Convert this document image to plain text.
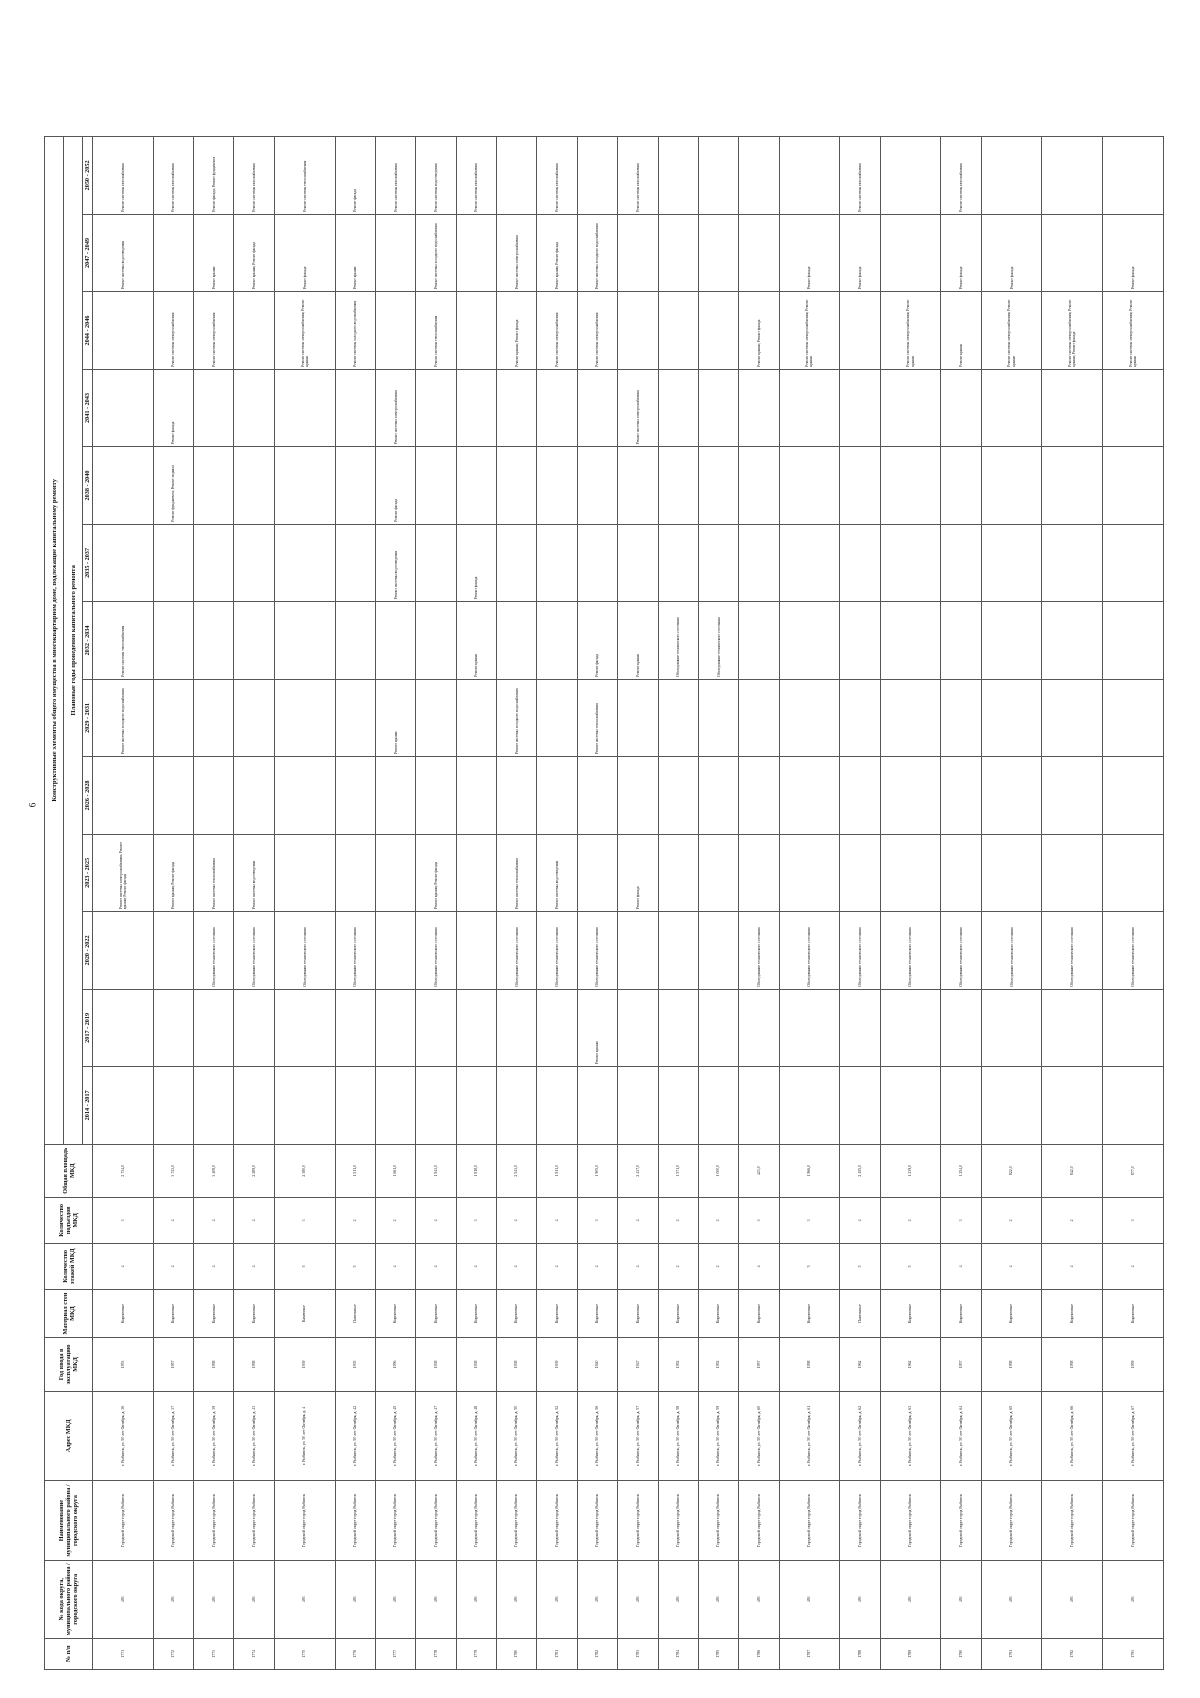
6
№ п/п	№ кода округа, муниципального района / городского округа	Наименование муниципального района / городского округа	Адрес МКД	Год ввода в эксплуатацию МКД	Материал стен МКД	Количество этажей МКД	Количество подъездов МКД	Общая площадь МКД	Конструктивные элементы общего имущества в многоквартирном доме, подлежащие капитальному ремонту												
									Плановые годы проведения капитального ремонта												
									2014 - 2017	2017 - 2019	2020 - 2022	2023 - 2025	2026 - 2028	2029 - 2031	2032 - 2034	2035 - 2037	2038 - 2040	2041 - 2043	2044 - 2046	2047 - 2049	2050 - 2052
1771	493	Городской округ город Рыбинск	г. Рыбинск, ул. 50 лет Октября, д. 36	1953	Кирпичные	4	3	2 734,0				Ремонт системы электроснабжения; Ремонт крыши; Ремонт фасада		Ремонт системы холодного водоснабжения	Ремонт системы теплоснабжения					Ремонт системы водоотведения	Ремонт системы газоснабжения
1772	493	Городской округ город Рыбинск	г. Рыбинск, ул. 50 лет Октября, д. 37	1957	Кирпичные	4	4	3 743,0				Ремонт крыши; Ремонт фасада					Ремонт фундамента; Ремонт подвала	Ремонт фасада	Ремонт системы электроснабжения		Ремонт системы газоснабжения
1773	493	Городской округ город Рыбинск	г. Рыбинск, ул. 50 лет Октября, д. 39	1958	Кирпичные	4	4	3 408,0			Обследование технического состояния	Ремонт системы теплоснабжения							Ремонт системы электроснабжения	Ремонт крыши	Ремонт фасада; Ремонт фундамента
1774	493	Городской округ город Рыбинск	г. Рыбинск, ул. 50 лет Октября, д. 43	1958	Кирпичные	4	4	2 289,0			Обследование технического состояния	Ремонт системы водоотведения								Ремонт крыши; Ремонт фасада	Ремонт системы газоснабжения
1775	493	Городской округ город Рыбинск	г. Рыбинск, ул. 50 лет Октября, д. 4	1939	Каменные	5	3	2 380,0			Обследование технического состояния								Ремонт системы электроснабжения; Ремонт крыши	Ремонт фасада	Ремонт системы теплоснабжения
1776	493	Городской округ город Рыбинск	г. Рыбинск, ул. 50 лет Октября, д. 42	1935	Панельные	5	2	1 511,0			Обследование технического состояния								Ремонт системы холодного водоснабжения	Ремонт крыши	Ремонт фасада
1777	493	Городской округ город Рыбинск	г. Рыбинск, ул. 50 лет Октября, д. 45	1956	Кирпичные	4	2	1 661,0						Ремонт крыши		Ремонт системы водоотведения	Ремонт фасада	Ремонт системы электроснабжения			Ремонт системы газоснабжения
1778	493	Городской округ город Рыбинск	г. Рыбинск, ул. 50 лет Октября, д. 47	1938	Кирпичные	4	4	1 943,0			Обследование технического состояния	Ремонт крыши; Ремонт фасада							Ремонт системы теплоснабжения	Ремонт системы холодного водоснабжения	Ремонт системы водоотведения
1779	493	Городской округ город Рыбинск	г. Рыбинск, ул. 50 лет Октября, д. 48	1938	Кирпичные	4	3	1 818,0							Ремонт крыши	Ремонт фасада					Ремонт системы газоснабжения
1780	493	Городской округ город Рыбинск	г. Рыбинск, ул. 50 лет Октября, д. 50	1938	Кирпичные	4	4	2 543,0			Обследование технического состояния	Ремонт системы теплоснабжения		Ремонт системы холодного водоснабжения					Ремонт крыши; Ремонт фасада	Ремонт системы электроснабжения	
1781	493	Городской округ город Рыбинск	г. Рыбинск, ул. 50 лет Октября, д. 52	1939	Кирпичные	4	4	1 911,0			Обследование технического состояния	Ремонт системы водоотведения							Ремонт системы электроснабжения	Ремонт крыши; Ремонт фасада	Ремонт системы газоснабжения
1782	493	Городской округ город Рыбинск	г. Рыбинск, ул. 50 лет Октября, д. 56	1940	Кирпичные	4	3	1 905,0		Ремонт крыши	Обследование технического состояния			Ремонт системы теплоснабжения	Ремонт фасада				Ремонт системы электроснабжения	Ремонт системы холодного водоснабжения	
1783	493	Городской округ город Рыбинск	г. Рыбинск, ул. 50 лет Октября, д. 57	1947	Кирпичные	4	4	2 437,0				Ремонт фасада			Ремонт крыши			Ремонт системы электроснабжения			Ремонт системы газоснабжения
1784	493	Городской округ город Рыбинск	г. Рыбинск, ул. 50 лет Октября, д. 58	1952	Кирпичные	2	2	1 571,0							Обследование технического состояния						
1785	493	Городской округ город Рыбинск	г. Рыбинск, ул. 50 лет Октября, д. 59	1952	Кирпичные	2	2	1 000,0							Обследование технического состояния						
1786	493	Городской округ город Рыбинск	г. Рыбинск, ул. 50 лет Октября, д. 60	1957	Кирпичные	4	3	423,0			Обследование технического состояния								Ремонт крыши; Ремонт фасада		
1787	493	Городской округ город Рыбинск	г. Рыбинск, ул. 50 лет Октября, д. 61	1958	Кирпичные	5	3	1 966,0			Обследование технического состояния								Ремонт системы электроснабжения; Ремонт крыши	Ремонт фасада	
1788	493	Городской округ город Рыбинск	г. Рыбинск, ул. 50 лет Октября, д. 62	1962	Панельные	5	4	2 455,0			Обследование технического состояния									Ремонт фасада	Ремонт системы газоснабжения
1789	493	Городской округ город Рыбинск	г. Рыбинск, ул. 50 лет Октября, д. 63	1962	Кирпичные	5	2	1 239,0			Обследование технического состояния								Ремонт системы электроснабжения; Ремонт крыши		
1790	493	Городской округ город Рыбинск	г. Рыбинск, ул. 50 лет Октября, д. 64	1957	Кирпичные	4	3	1 254,0			Обследование технического состояния								Ремонт крыши	Ремонт фасада	Ремонт системы газоснабжения
1791	493	Городской округ город Рыбинск	г. Рыбинск, ул. 50 лет Октября, д. 65	1958	Кирпичные	4	2	822,0			Обследование технического состояния								Ремонт системы электроснабжения; Ремонт крыши	Ремонт фасада	
1792	493	Городской округ город Рыбинск	г. Рыбинск, ул. 50 лет Октября, д. 66	1958	Кирпичные	4	2	842,0			Обследование технического состояния								Ремонт системы электроснабжения; Ремонт крыши; Ремонт фасада		
1793	493	Городской округ город Рыбинск	г. Рыбинск, ул. 50 лет Октября, д. 67	1959	Кирпичные	4	3	877,0			Обследование технического состояния								Ремонт системы электроснабжения; Ремонт крыши	Ремонт фасада	
